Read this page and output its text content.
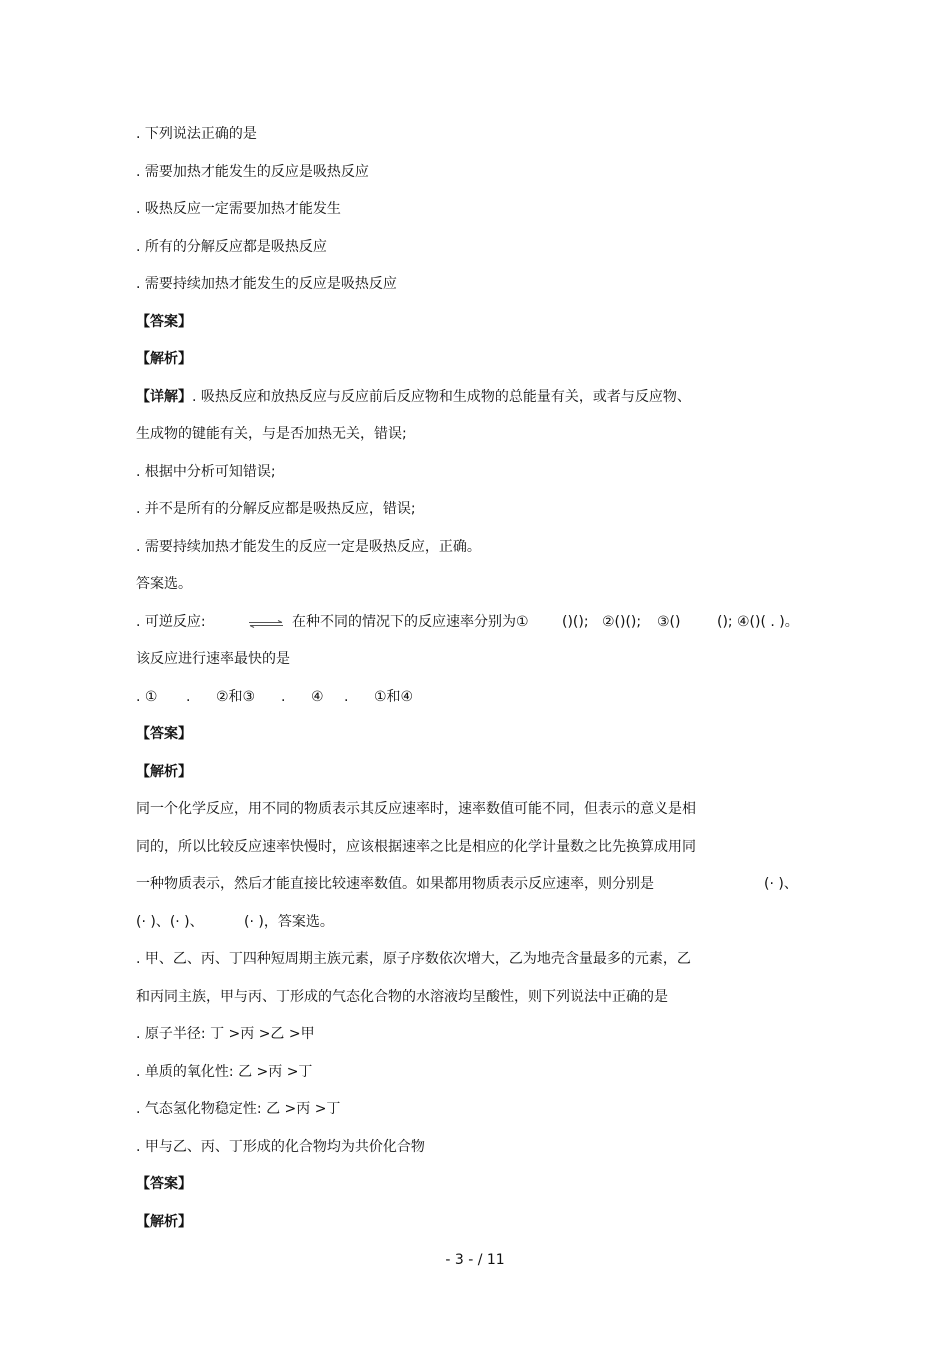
. 下列说法正确的是
. 需要加热才能发生的反应是吸热反应
. 吸热反应一定需要加热才能发生
. 所有的分解反应都是吸热反应
. 需要持续加热才能发生的反应是吸热反应
【答案】
【解析】
【详解】. 吸热反应和放热反应与反应前后反应物和生成物的总能量有关，或者与反应物、
生成物的键能有关，与是否加热无关，错误;
. 根据中分析可知错误;
. 并不是所有的分解反应都是吸热反应，错误;
. 需要持续加热才能发生的反应一定是吸热反应，正确。
答案选。
. 可逆反应:	⇌ 在种不同的情况下的反应速率分别为① ()(); ②()(); ③()	(); ④()( . )。
该反应进行速率最快的是
. ① . ②和③ . ④ . ①和④
【答案】
【解析】
同一个化学反应，用不同的物质表示其反应速率时，速率数值可能不同，但表示的意义是相
同的，所以比较反应速率快慢时，应该根据速率之比是相应的化学计量数之比先换算成用同
一种物质表示，然后才能直接比较速率数值。如果都用物质表示反应速率，则分别是	(· )、
(· )、(· )、	(· )，答案选。
. 甲、乙、丙、丁四种短周期主族元素，原子序数依次增大，乙为地壳含量最多的元素，乙
和丙同主族，甲与丙、丁形成的气态化合物的水溶液均呈酸性，则下列说法中正确的是
. 原子半径: 丁 >丙 >乙 >甲
. 单质的氧化性: 乙 >丙 >丁
. 气态氢化物稳定性: 乙 >丙 >丁
. 甲与乙、丙、丁形成的化合物均为共价化合物
【答案】
【解析】
- 3 - / 11
